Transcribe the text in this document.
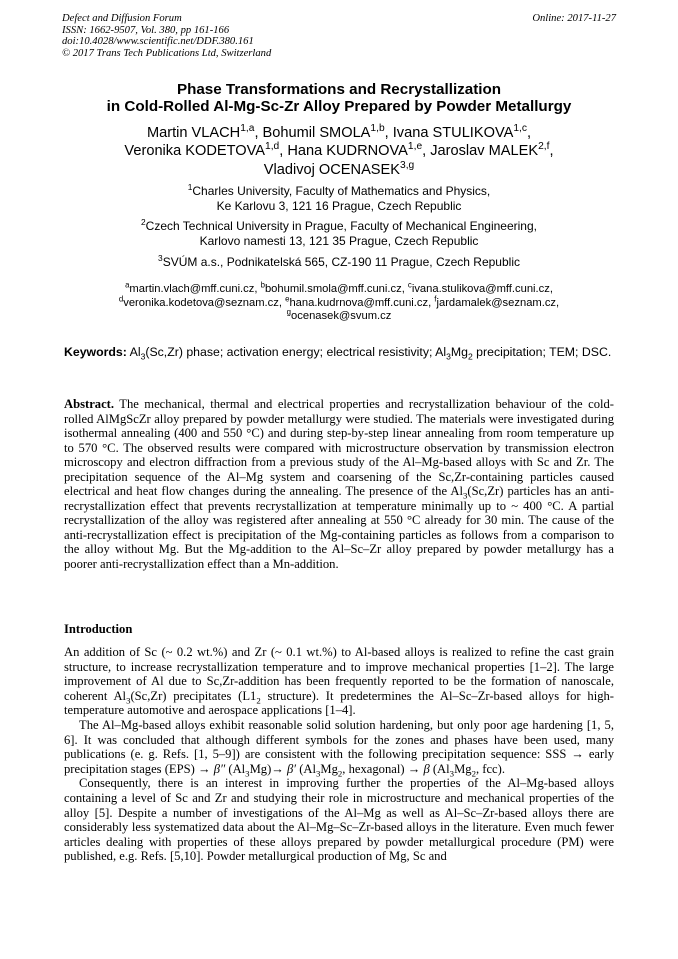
Defect and Diffusion Forum
ISSN: 1662-9507, Vol. 380, pp 161-166
doi:10.4028/www.scientific.net/DDF.380.161
© 2017 Trans Tech Publications Ltd, Switzerland
Online: 2017-11-27
Phase Transformations and Recrystallization
in Cold-Rolled Al-Mg-Sc-Zr Alloy Prepared by Powder Metallurgy
Martin VLACH$^{1,a}$, Bohumil SMOLA$^{1,b}$, Ivana STULIKOVA$^{1,c}$,
Veronika KODETOVA$^{1,d}$, Hana KUDRNOVA$^{1,e}$, Jaroslav MALEK$^{2,f}$,
Vladivoj OCENASEK$^{3,g}$
$^1$Charles University, Faculty of Mathematics and Physics,
Ke Karlovu 3, 121 16 Prague, Czech Republic
$^2$Czech Technical University in Prague, Faculty of Mechanical Engineering,
Karlovo namesti 13, 121 35 Prague, Czech Republic
$^3$SVÚM a.s., Podnikatelská 565, CZ-190 11 Prague, Czech Republic
$^a$martin.vlach@mff.cuni.cz, $^b$bohumil.smola@mff.cuni.cz, $^c$ivana.stulikova@mff.cuni.cz,
$^d$veronika.kodetova@seznam.cz, $^e$hana.kudrnova@mff.cuni.cz, $^f$jardamalek@seznam.cz,
$^g$ocenasek@svum.cz
Keywords: $Al_3(Sc,Zr)$ phase; activation energy; electrical resistivity; $Al_3Mg_2$ precipitation; TEM; DSC.
Abstract. The mechanical, thermal and electrical properties and recrystallization behaviour of the cold-rolled AlMgScZr alloy prepared by powder metallurgy were studied. The materials were investigated during isothermal annealing (400 and 550 °C) and during step-by-step linear annealing from room temperature up to 570 °C. The observed results were compared with microstructure observation by transmission electron microscopy and electron diffraction from a previous study of the Al–Mg-based alloys with Sc and Zr. The precipitation sequence of the Al–Mg system and coarsening of the Sc,Zr-containing particles caused electrical and heat flow changes during the annealing. The presence of the $Al_3(Sc,Zr)$ particles has an anti-recrystallization effect that prevents recrystallization at temperature minimally up to ~ 400 °C. A partial recrystallization of the alloy was registered after annealing at 550 °C already for 30 min. The cause of the anti-recrystallization effect is precipitation of the Mg-containing particles as follows from a comparison to the alloy without Mg. But the Mg-addition to the Al–Sc–Zr alloy prepared by powder metallurgy has a poorer anti-recrystallization effect than a Mn-addition.
Introduction

An addition of Sc (~ 0.2 wt.%) and Zr (~ 0.1 wt.%) to Al-based alloys is realized to refine the cast grain structure, to increase recrystallization temperature and to improve mechanical properties [1–2]. The large improvement of Al due to Sc,Zr-addition has been frequently reported to be the formation of nanoscale, coherent $Al_3(Sc,Zr)$ precipitates ($L1_2$ structure). It predetermines the Al–Sc–Zr-based alloys for high-temperature automotive and aerospace applications [1–4].

The Al–Mg-based alloys exhibit reasonable solid solution hardening, but only poor age hardening [1, 5, 6]. It was concluded that although different symbols for the zones and phases have been used, many publications (e. g. Refs. [1, 5–9]) are consistent with the following precipitation sequence: SSS → early precipitation stages (EPS) → β″ $(Al_3Mg)\to \beta'$ ($Al_3Mg_2$, hexagonal) → β ($Al_3Mg_2$, fcc).

Consequently, there is an interest in improving further the properties of the Al–Mg-based alloys containing a level of Sc and Zr and studying their role in microstructure and mechanical properties of the alloy [5]. Despite a number of investigations of the Al–Mg as well as Al–Sc–Zr-based alloys there are considerably less systematized data about the Al–Mg–Sc–Zr-based alloys in the literature. Even much fewer articles dealing with properties of these alloys prepared by powder metallurgical procedure (PM) were published, e.g. Refs. [5,10]. Powder metallurgical production of Mg, Sc and
